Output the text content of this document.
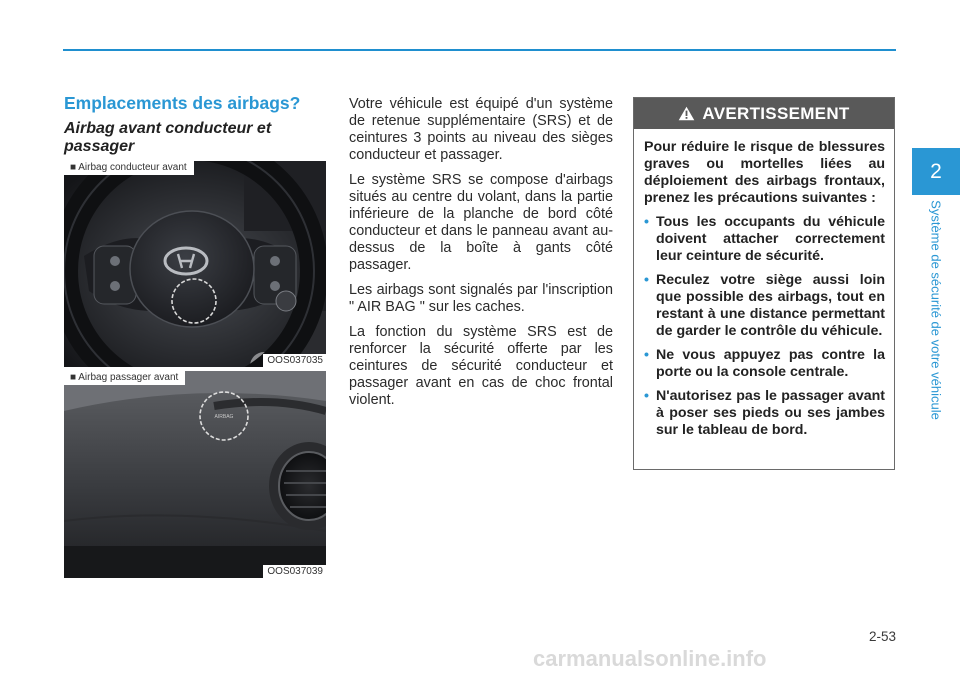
Emplacements des airbags?
Airbag avant conducteur et passager
■ Airbag conducteur avant
OOS037035
AIRBAG
■ Airbag passager avant
OOS037039

Votre véhicule est équipé d'un système de retenue supplémentaire (SRS) et de ceintures 3 points au niveau des sièges conducteur et passager.

Le système SRS se compose d'airbags situés au centre du volant, dans la partie inférieure de la planche de bord côté conducteur et dans le panneau avant au-dessus de la boîte à gants côté passager.

Les airbags sont signalés par l'inscription " AIR BAG " sur les caches.

La fonction du système SRS est de renforcer la sécurité offerte par les ceintures de sécurité conducteur et passager avant en cas de choc frontal violent.

AVERTISSEMENT

Pour réduire le risque de blessures graves ou mortelles liées au déploiement des airbags frontaux, prenez les précautions suivantes :

• Tous les occupants du véhicule doivent attacher correctement leur ceinture de sécurité.
• Reculez votre siège aussi loin que possible des airbags, tout en restant à une distance permettant de garder le contrôle du véhicule.
• Ne vous appuyez pas contre la porte ou la console centrale.
• N'autorisez pas le passager avant à poser ses pieds ou ses jambes sur le tableau de bord.
2
Système de sécurité de votre véhicule
2-53
carmanualsonline.info
